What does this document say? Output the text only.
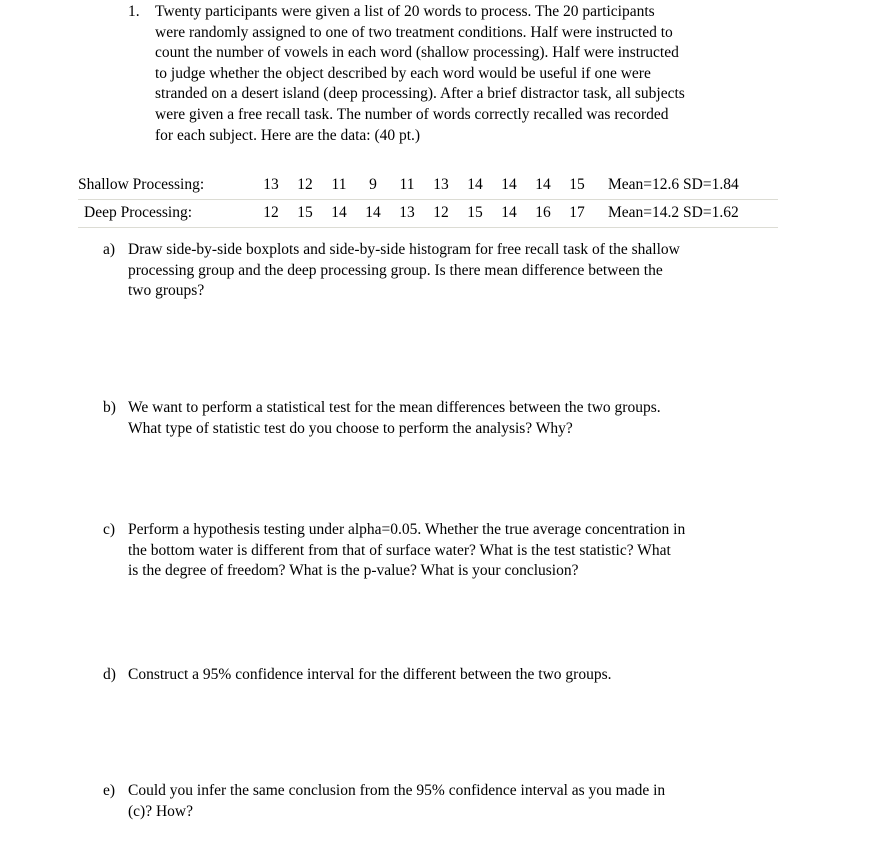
1. Twenty participants were given a list of 20 words to process. The 20 participants
were randomly assigned to one of two treatment conditions. Half were instructed to
count the number of vowels in each word (shallow processing). Half were instructed
to judge whether the object described by each word would be useful if one were
stranded on a desert island (deep processing). After a brief distractor task, all subjects
were given a free recall task. The number of words correctly recalled was recorded
for each subject. Here are the data: (40 pt.)
Shallow Processing:	13	12	11	9	11	13	14	14	14	15	Mean=12.6 SD=1.84
Deep Processing:	12	15	14	14	13	12	15	14	16	17	Mean=14.2 SD=1.62
a) Draw side-by-side boxplots and side-by-side histogram for free recall task of the shallow
processing group and the deep processing group. Is there mean difference between the
two groups?
b) We want to perform a statistical test for the mean differences between the two groups.
What type of statistic test do you choose to perform the analysis? Why?
c) Perform a hypothesis testing under alpha=0.05. Whether the true average concentration in
the bottom water is different from that of surface water? What is the test statistic? What
is the degree of freedom? What is the p-value? What is your conclusion?
d) Construct a 95% confidence interval for the different between the two groups.
e) Could you infer the same conclusion from the 95% confidence interval as you made in
(c)? How?
